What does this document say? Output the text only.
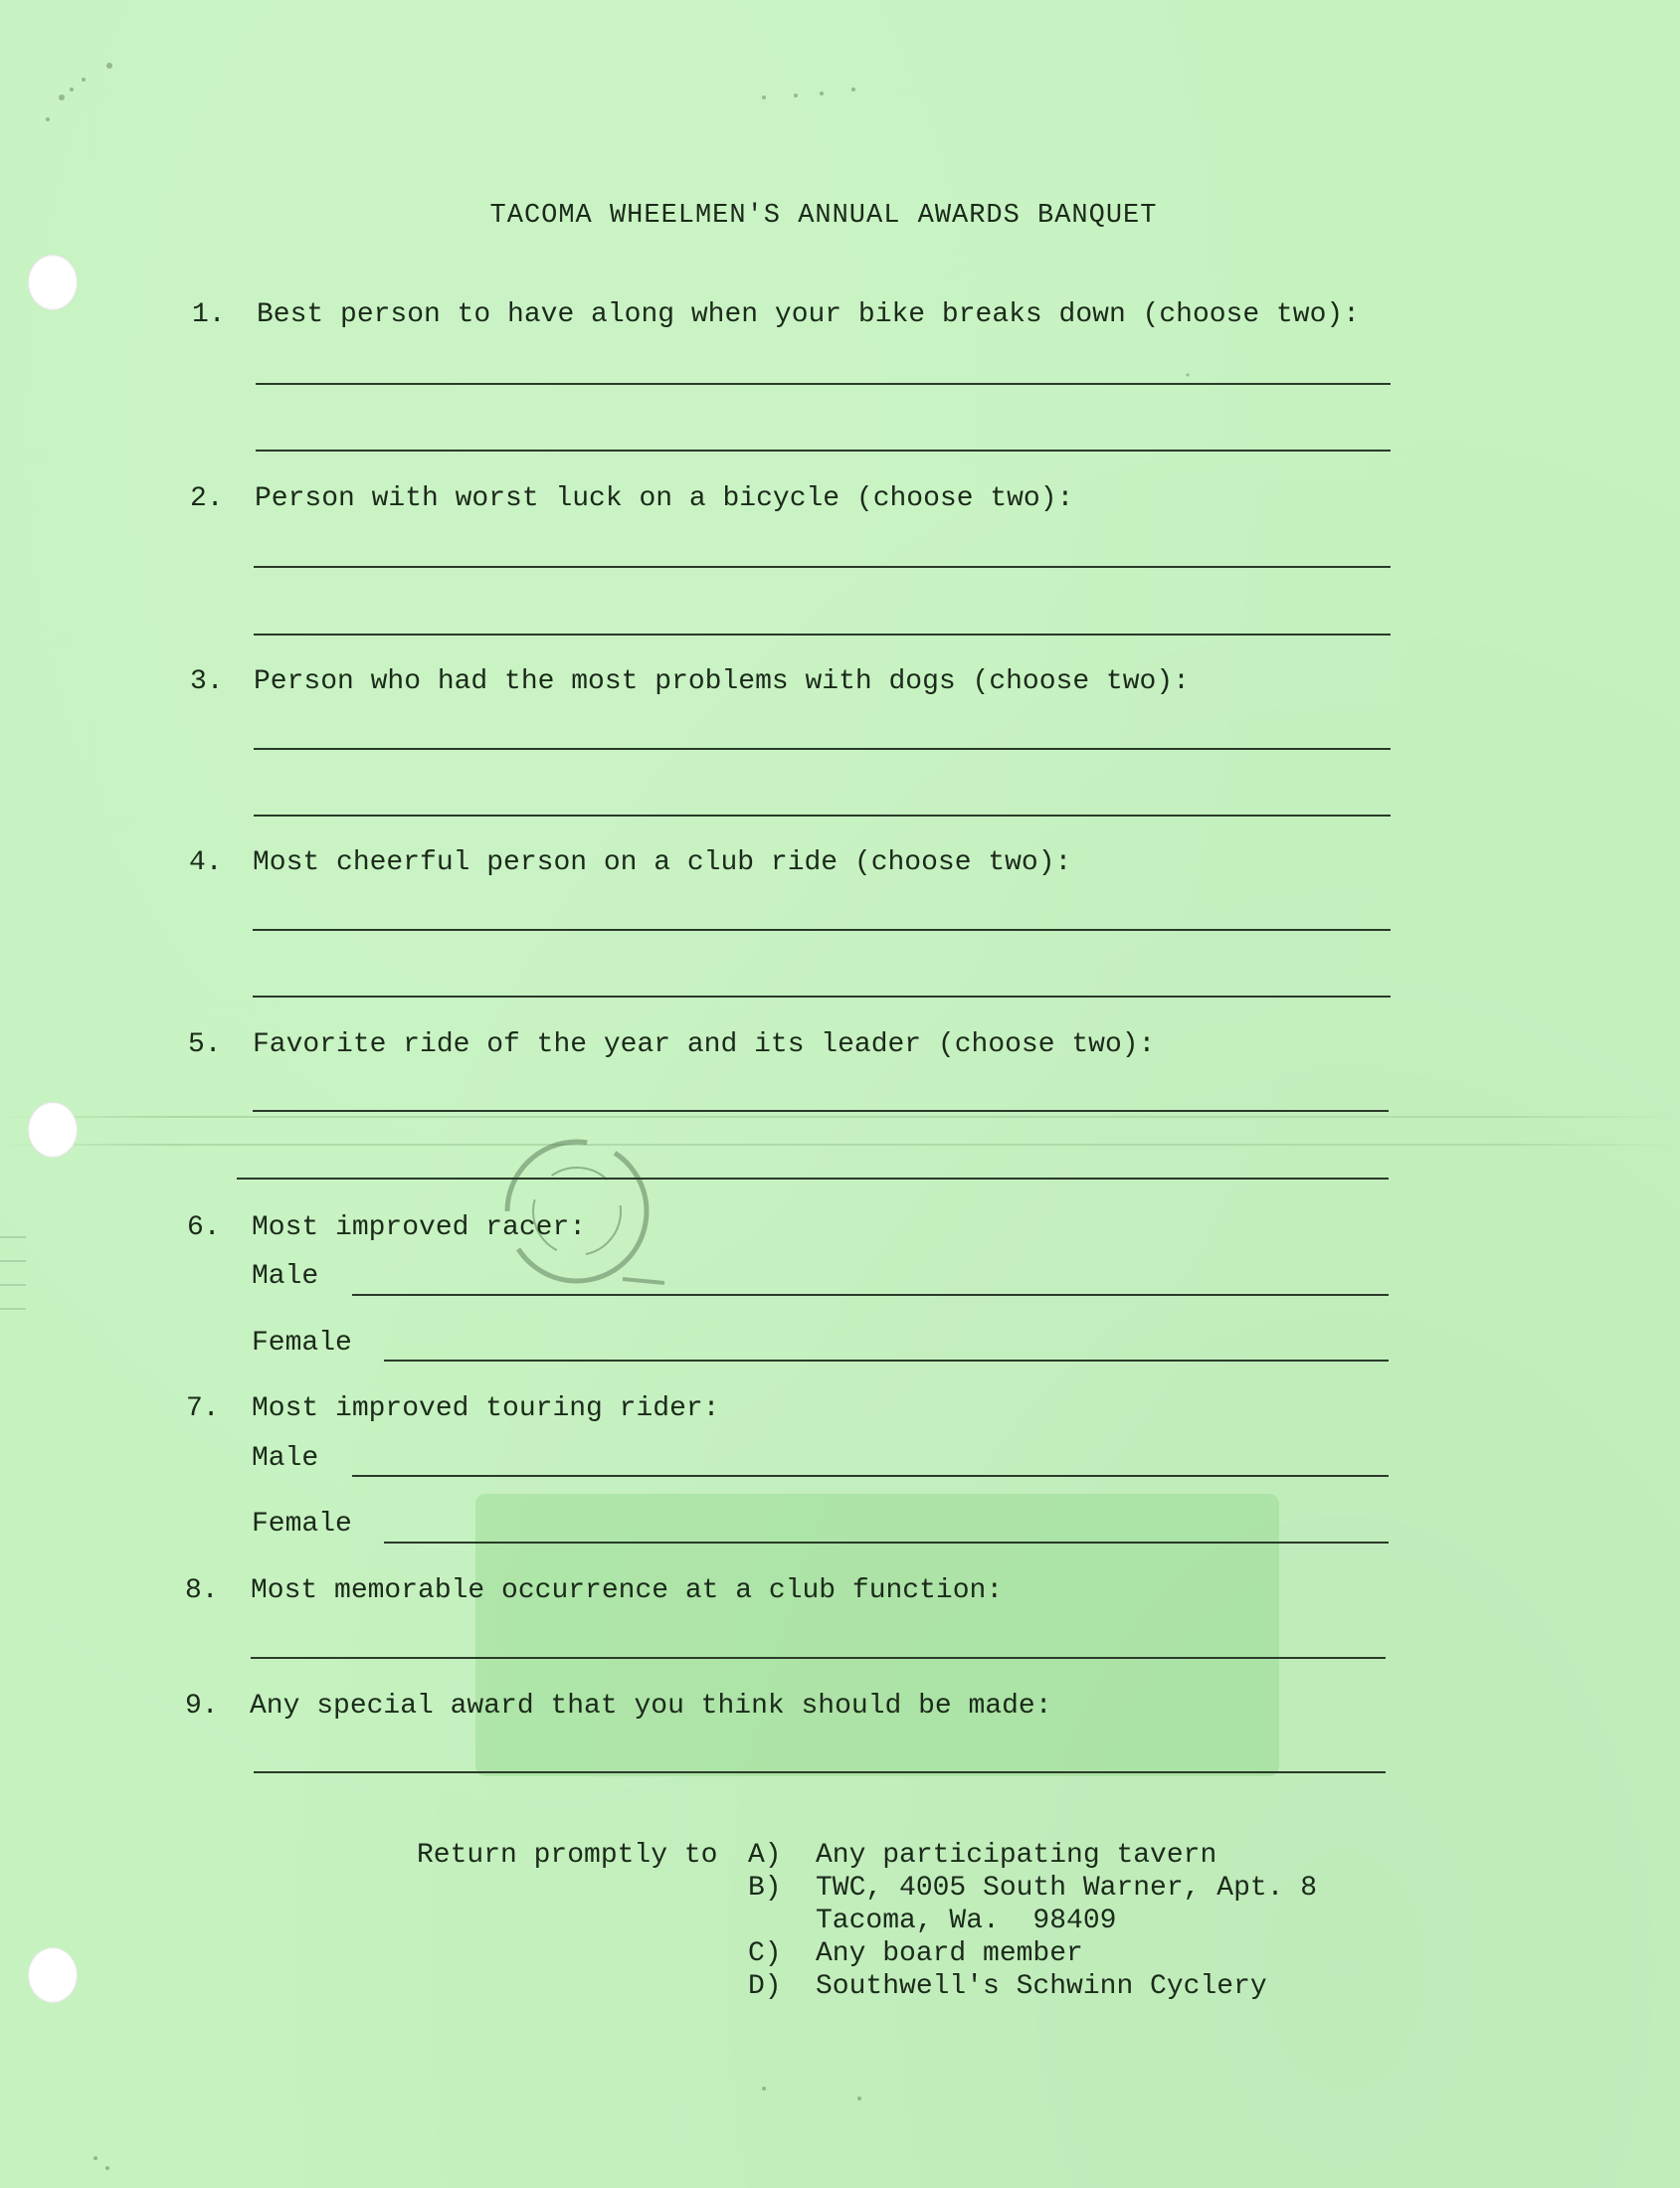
TACOMA WHEELMEN'S ANNUAL AWARDS BANQUET
1. Best person to have along when your bike breaks down (choose two):
2. Person with worst luck on a bicycle (choose two):
3. Person who had the most problems with dogs (choose two):
4. Most cheerful person on a club ride (choose two):
5. Favorite ride of the year and its leader (choose two):
6. Most improved racer:
Male
Female
7. Most improved touring rider:
Male
Female
8. Most memorable occurrence at a club function:
9. Any special award that you think should be made:
Return promptly to A) Any participating tavern
B) TWC, 4005 South Warner, Apt. 8
Tacoma, Wa.  98409
C) Any board member
D) Southwell's Schwinn Cyclery
